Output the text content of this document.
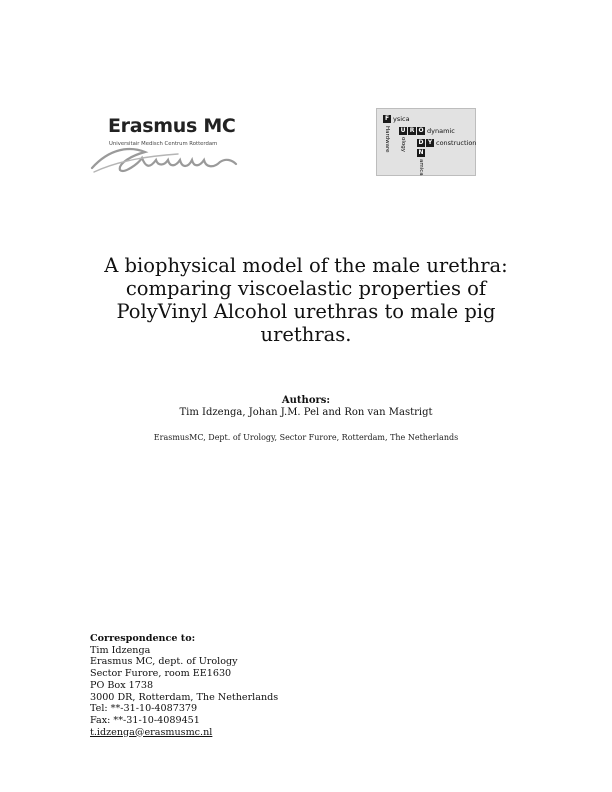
Erasmus MC
Universitair Medisch Centrum Rotterdam
F ysica
U R O dynamic
D Y construction
N
Hardware ology
amica
A biophysical model of the male urethra:
comparing viscoelastic properties of
PolyVinyl Alcohol urethras to male pig
urethras.
Authors:
Tim Idzenga, Johan J.M. Pel and Ron van Mastrigt
ErasmusMC, Dept. of Urology, Sector Furore, Rotterdam, The Netherlands
Correspondence to:
Tim Idzenga
Erasmus MC, dept. of Urology
Sector Furore, room EE1630
PO Box 1738
3000 DR, Rotterdam, The Netherlands
Tel: **-31-10-4087379
Fax: **-31-10-4089451
t.idzenga@erasmusmc.nl
